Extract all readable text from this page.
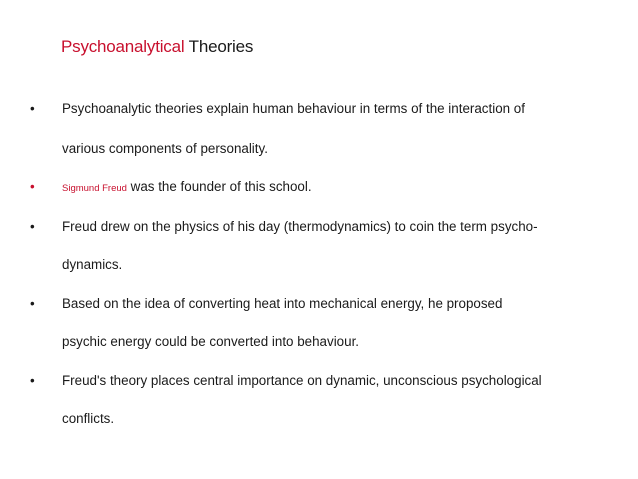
Psychoanalytical Theories
•	Psychoanalytic theories explain human behaviour in terms of the interaction of
various components of personality.
•	Sigmund Freud was the founder of this school.
•	Freud drew on the physics of his day (thermodynamics) to coin the term psycho-
dynamics.
•	Based on the idea of converting heat into mechanical energy, he proposed
psychic energy could be converted into behaviour.
•	Freud's theory places central importance on dynamic, unconscious psychological
conflicts.
